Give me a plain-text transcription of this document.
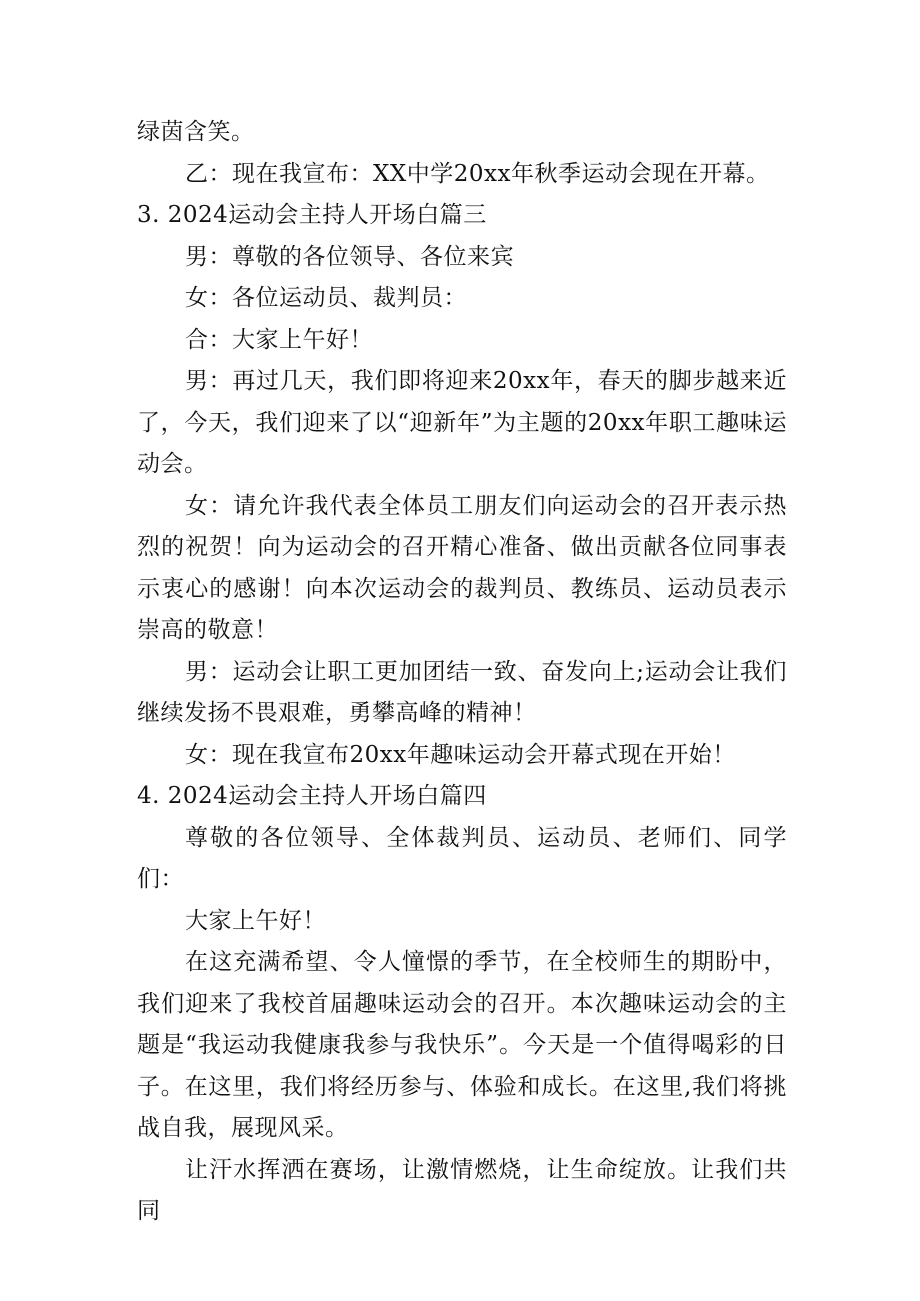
绿茵含笑。

乙：现在我宣布：XX中学20xx年秋季运动会现在开幕。

3. 2024运动会主持人开场白篇三

男：尊敬的各位领导、各位来宾

女：各位运动员、裁判员：

合：大家上午好！

男：再过几天，我们即将迎来20xx年，春天的脚步越来近了，今天，我们迎来了以“迎新年”为主题的20xx年职工趣味运动会。

女：请允许我代表全体员工朋友们向运动会的召开表示热烈的祝贺！向为运动会的召开精心准备、做出贡献各位同事表示衷心的感谢！向本次运动会的裁判员、教练员、运动员表示崇高的敬意！

男：运动会让职工更加团结一致、奋发向上;运动会让我们继续发扬不畏艰难，勇攀高峰的精神！

女：现在我宣布20xx年趣味运动会开幕式现在开始！

4. 2024运动会主持人开场白篇四

尊敬的各位领导、全体裁判员、运动员、老师们、同学们：

大家上午好！

在这充满希望、令人憧憬的季节，在全校师生的期盼中，我们迎来了我校首届趣味运动会的召开。本次趣味运动会的主题是“我运动我健康我参与我快乐”。今天是一个值得喝彩的日子。在这里，我们将经历参与、体验和成长。在这里,我们将挑战自我，展现风采。

让汗水挥洒在赛场，让激情燃烧，让生命绽放。让我们共同
